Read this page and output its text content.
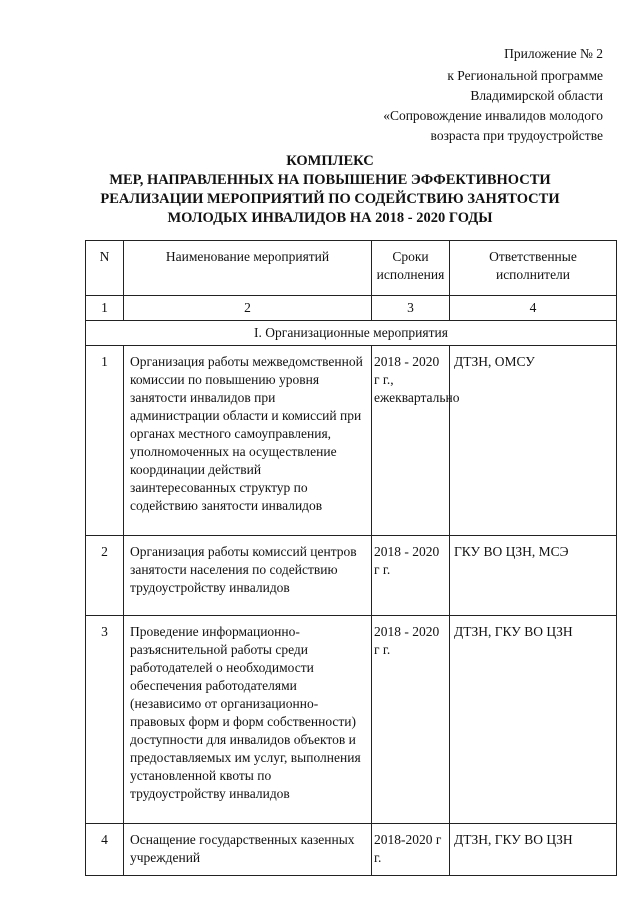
Приложение № 2
к Региональной программе
Владимирской области
«Сопровождение инвалидов молодого
возраста при трудоустройстве
КОМПЛЕКС
МЕР, НАПРАВЛЕННЫХ НА ПОВЫШЕНИЕ ЭФФЕКТИВНОСТИ
РЕАЛИЗАЦИИ МЕРОПРИЯТИЙ ПО СОДЕЙСТВИЮ ЗАНЯТОСТИ
МОЛОДЫХ ИНВАЛИДОВ НА 2018 - 2020 ГОДЫ
N	Наименование мероприятий	Сроки исполнения	Ответственные исполнители
1	2	3	4
I. Организационные мероприятия			
1	Организация работы межведомственной комиссии по повышению уровня занятости инвалидов при администрации области и комиссий при органах местного самоуправления, уполномоченных на осуществление координации действий заинтересованных структур по содействию занятости инвалидов	2018 - 2020 г г., ежеквартально	ДТЗН, ОМСУ
2	Организация работы комиссий центров занятости населения по содействию трудоустройству инвалидов	2018 - 2020 г г.	ГКУ ВО ЦЗН, МСЭ
3	Проведение информационно-разъяснительной работы среди работодателей о необходимости обеспечения работодателями (независимо от организационно-правовых форм и форм собственности) доступности для инвалидов объектов и предоставляемых им услуг, выполнения установленной квоты по трудоустройству инвалидов	2018 - 2020 г г.	ДТЗН, ГКУ ВО ЦЗН
4	Оснащение государственных казенных учреждений	2018-2020 г г.	ДТЗН, ГКУ ВО ЦЗН
